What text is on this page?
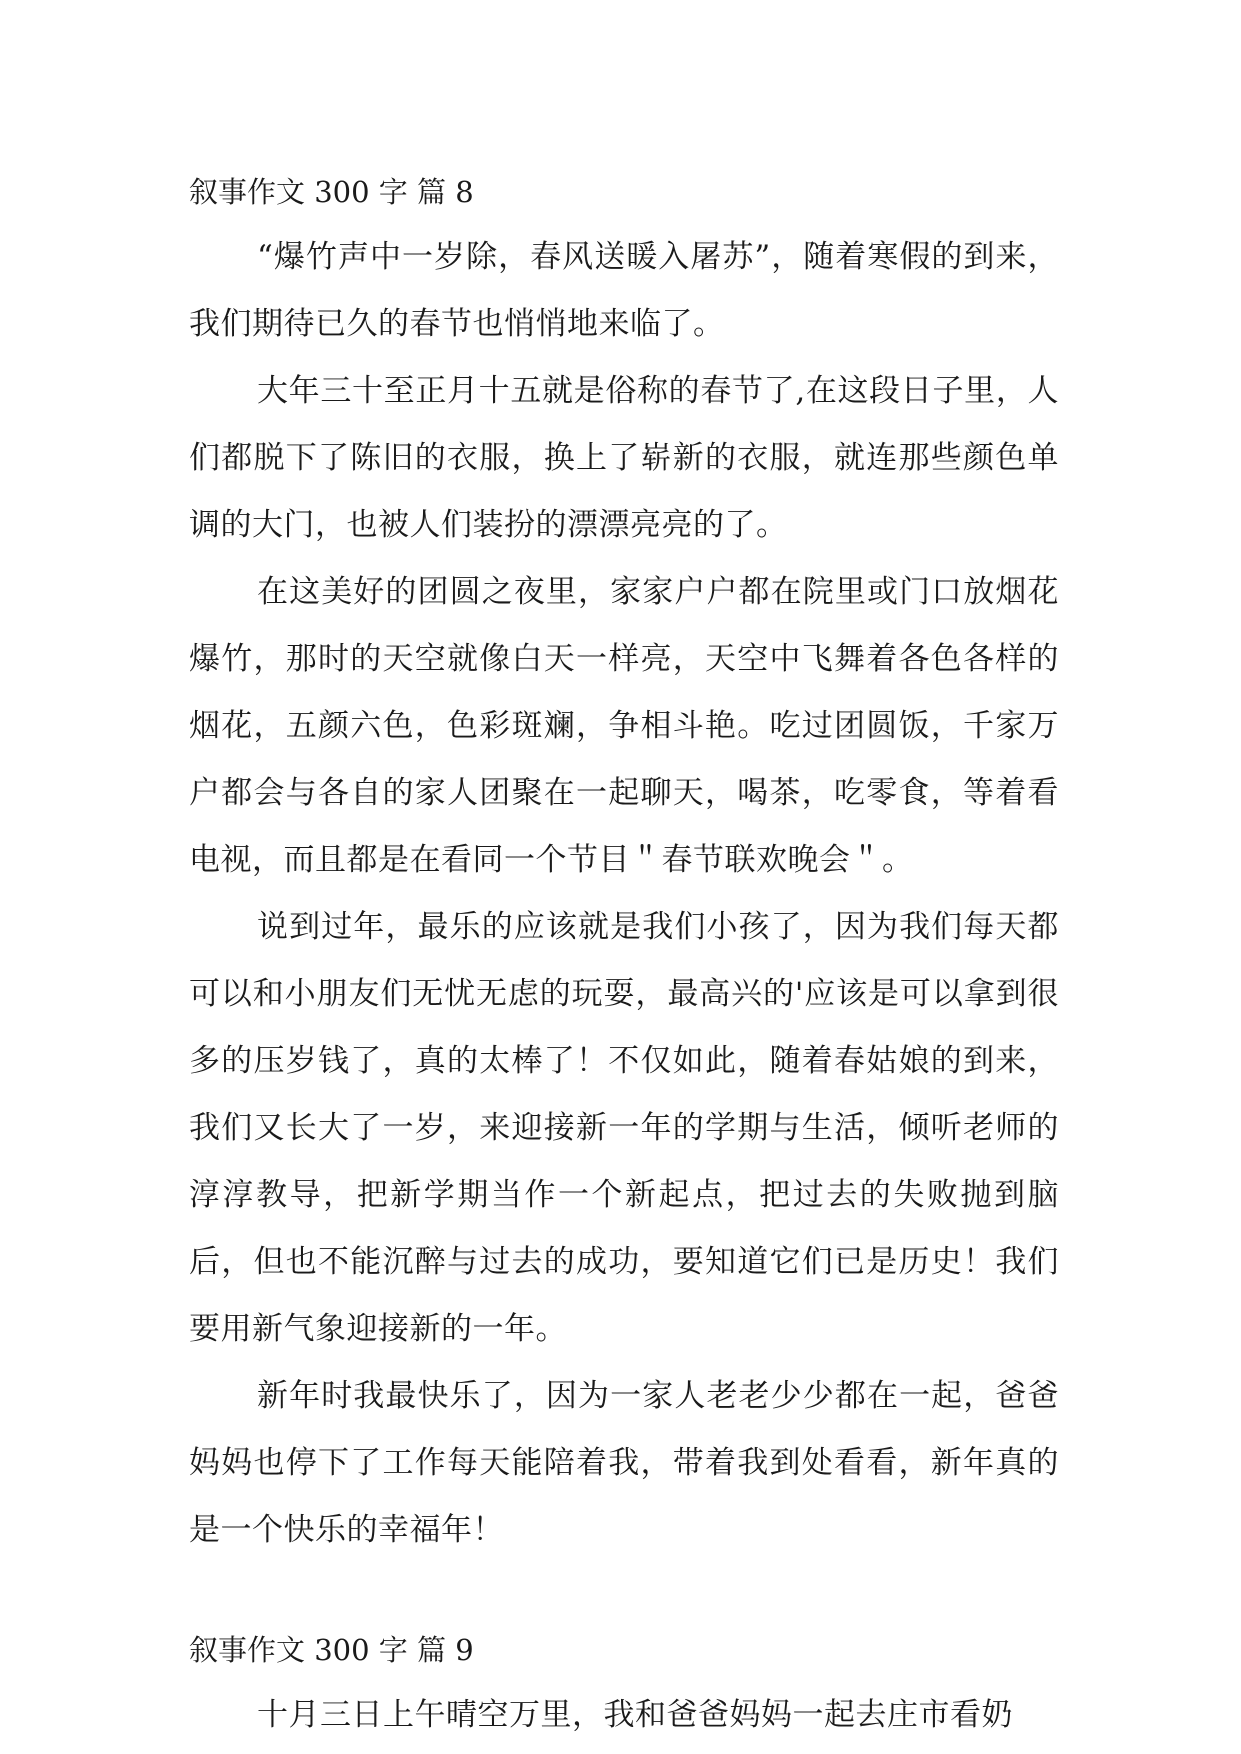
叙事作文 300 字 篇 8

“爆竹声中一岁除，春风送暖入屠苏”，随着寒假的到来，我们期待已久的春节也悄悄地来临了。

大年三十至正月十五就是俗称的春节了,在这段日子里，人们都脱下了陈旧的衣服，换上了崭新的衣服，就连那些颜色单调的大门，也被人们装扮的漂漂亮亮的了。

在这美好的团圆之夜里，家家户户都在院里或门口放烟花爆竹，那时的天空就像白天一样亮，天空中飞舞着各色各样的烟花，五颜六色，色彩斑斓，争相斗艳。吃过团圆饭，千家万户都会与各自的家人团聚在一起聊天，喝茶，吃零食，等着看电视，而且都是在看同一个节目＂春节联欢晚会＂。

说到过年，最乐的应该就是我们小孩了，因为我们每天都可以和小朋友们无忧无虑的玩耍，最高兴的'应该是可以拿到很多的压岁钱了，真的太棒了！不仅如此，随着春姑娘的到来，我们又长大了一岁，来迎接新一年的学期与生活，倾听老师的淳淳教导，把新学期当作一个新起点，把过去的失败抛到脑后，但也不能沉醉与过去的成功，要知道它们已是历史！我们要用新气象迎接新的一年。

新年时我最快乐了，因为一家人老老少少都在一起，爸爸妈妈也停下了工作每天能陪着我，带着我到处看看，新年真的是一个快乐的幸福年！

叙事作文 300 字 篇 9

十月三日上午晴空万里，我和爸爸妈妈一起去庄市看奶
